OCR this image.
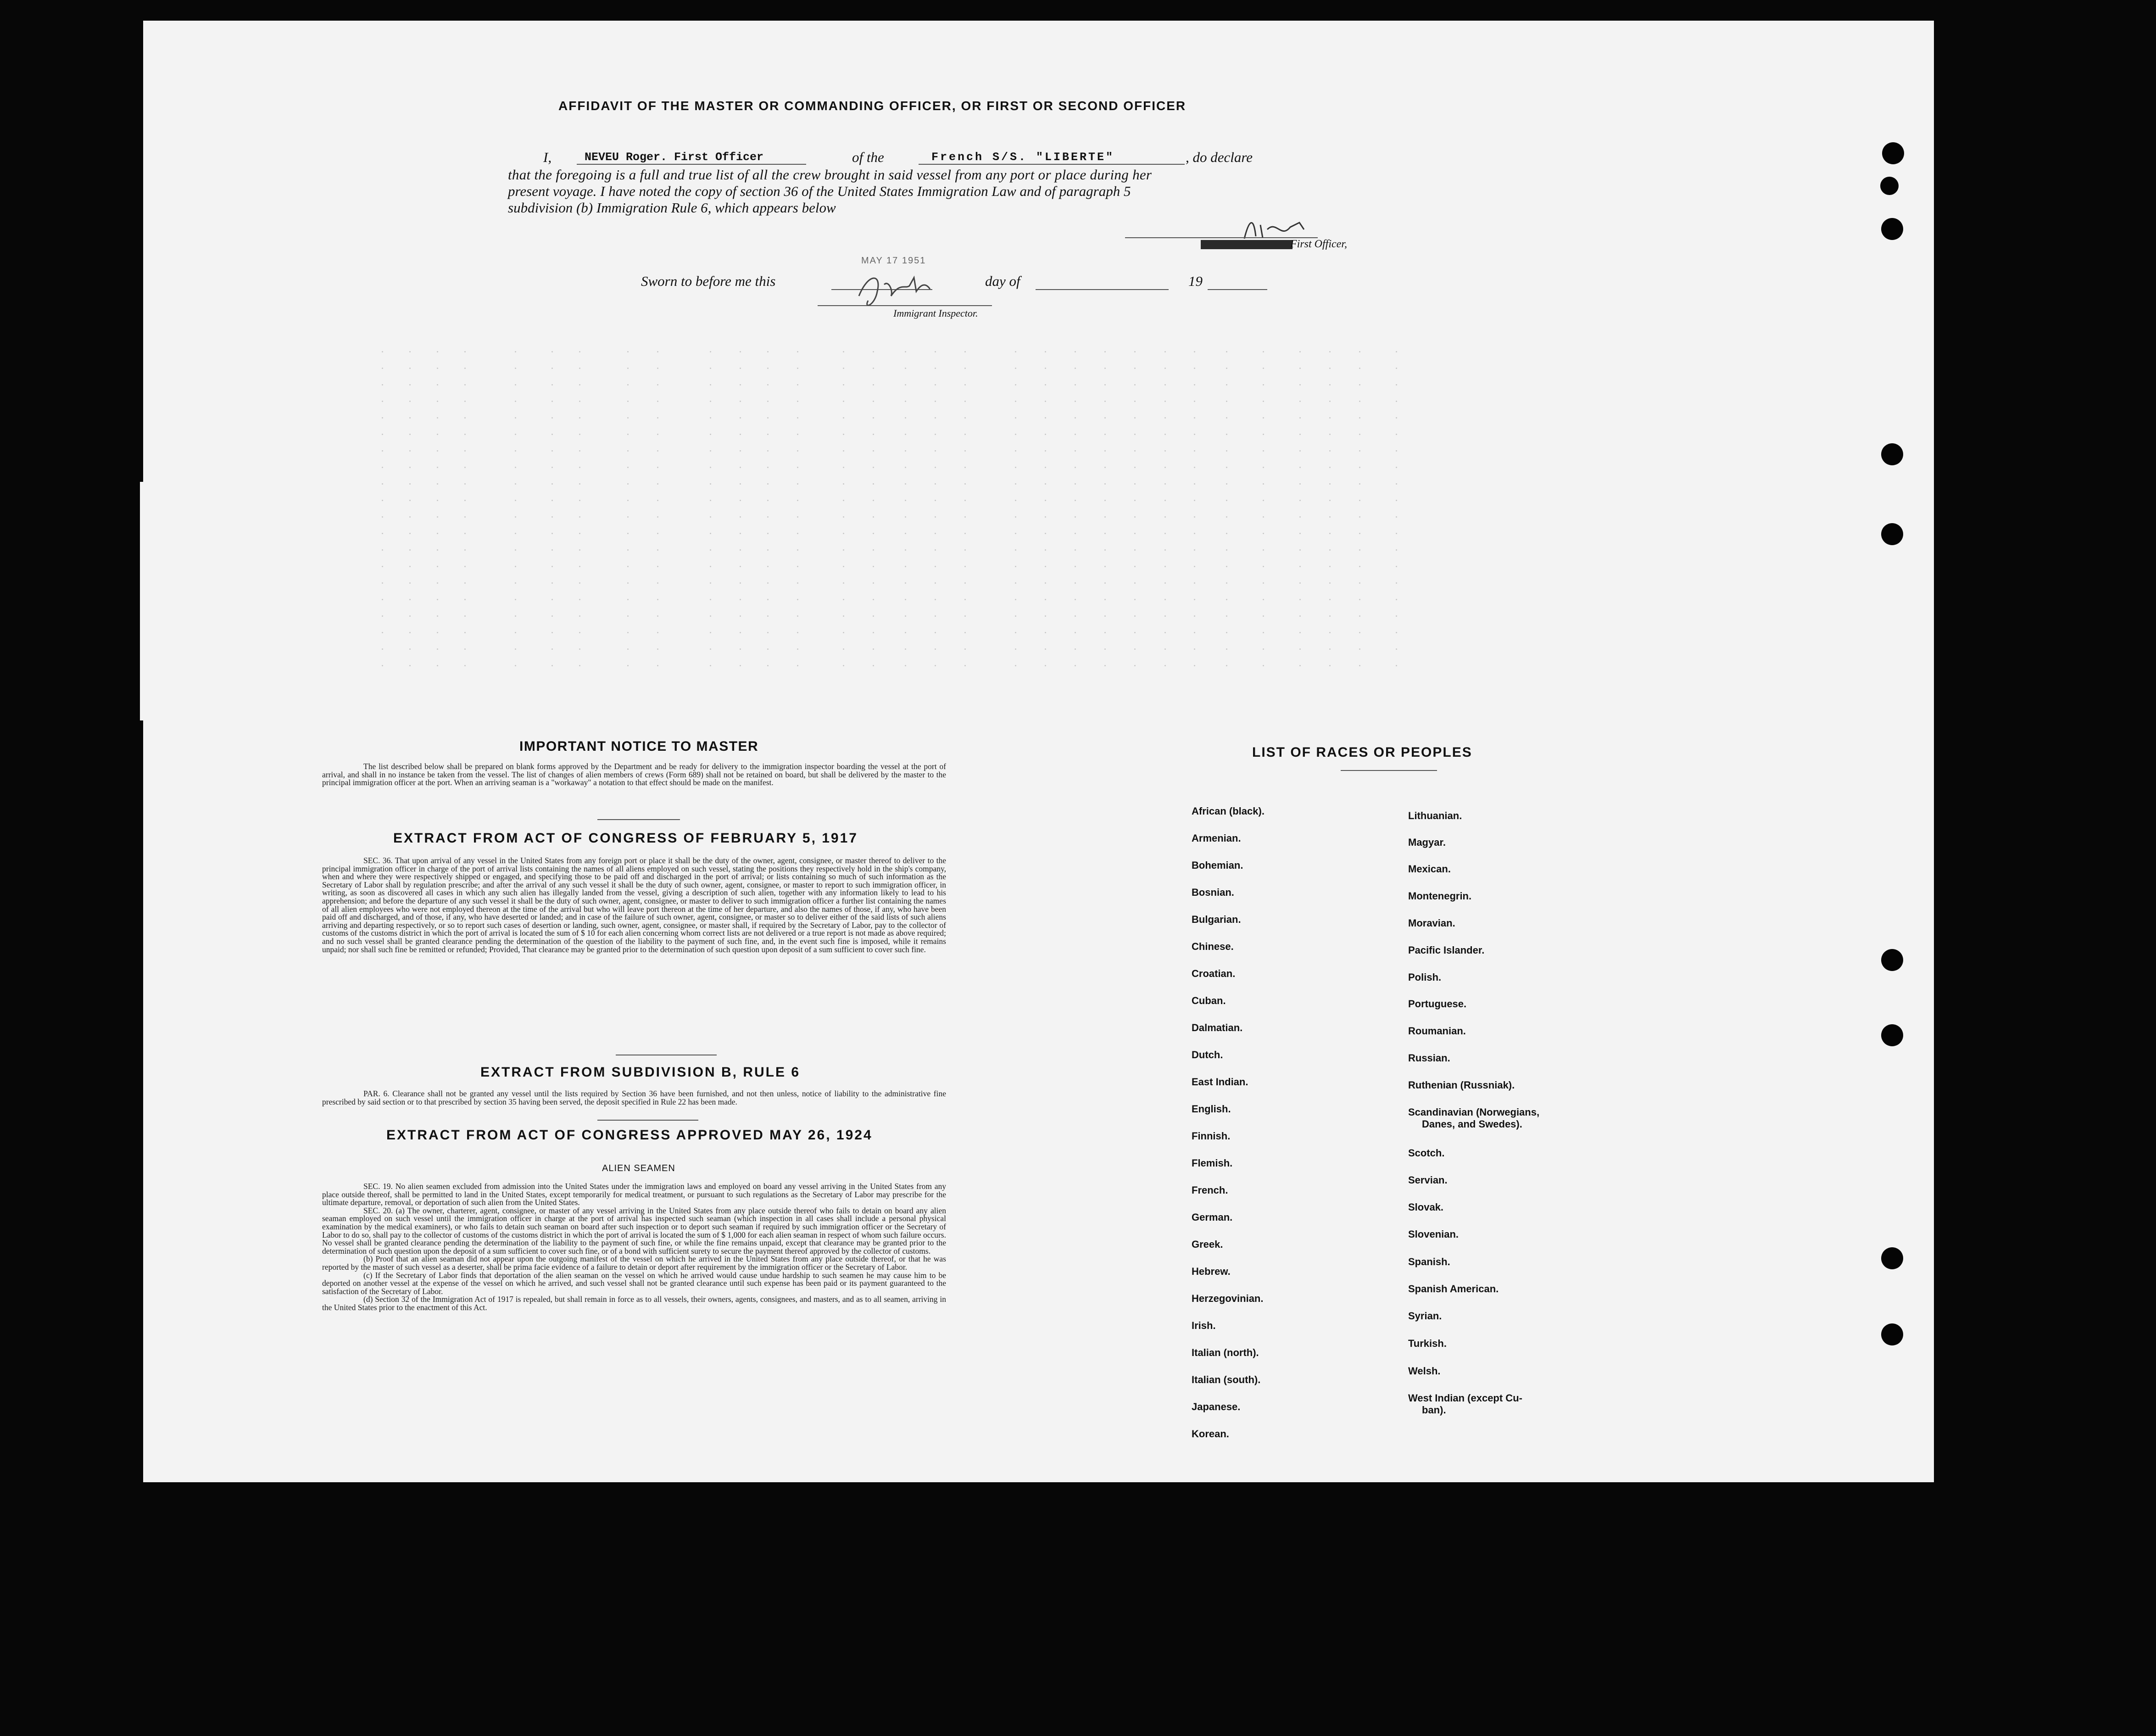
AFFIDAVIT OF THE MASTER OR COMMANDING OFFICER, OR FIRST OR SECOND OFFICER
I,	NEVEU Roger. First Officer	of the	French S/S. "LIBERTE"	, do declare
that the foregoing is a full and true list of all the crew brought in said vessel from any port or place during her
present voyage. I have noted the copy of section 36 of the United States Immigration Law and of paragraph 5
subdivision (b) Immigration Rule 6, which appears below
First Officer,
MAY 17 1951
Sworn to before me this	day of	19
Immigrant Inspector.
IMPORTANT NOTICE TO MASTER

The list described below shall be prepared on blank forms approved by the Department and be ready for delivery to the immigration inspector boarding the vessel at the port of arrival, and shall in no instance be taken from the vessel. The list of changes of alien members of crews (Form 689) shall not be retained on board, but shall be delivered by the master to the principal immigration officer at the port. When an arriving seaman is a "workaway" a notation to that effect should be made on the manifest.

EXTRACT FROM ACT OF CONGRESS OF FEBRUARY 5, 1917

SEC. 36. That upon arrival of any vessel in the United States from any foreign port or place it shall be the duty of the owner, agent, consignee, or master thereof to deliver to the principal immigration officer in charge of the port of arrival lists containing the names of all aliens employed on such vessel, stating the positions they respectively hold in the ship's company, when and where they were respectively shipped or engaged, and specifying those to be paid off and discharged in the port of arrival; or lists containing so much of such information as the Secretary of Labor shall by regulation prescribe; and after the arrival of any such vessel it shall be the duty of such owner, agent, consignee, or master to report to such immigration officer, in writing, as soon as discovered all cases in which any such alien has illegally landed from the vessel, giving a description of such alien, together with any information likely to lead to his apprehension; and before the departure of any such vessel it shall be the duty of such owner, agent, consignee, or master to deliver to such immigration officer a further list containing the names of all alien employees who were not employed thereon at the time of the arrival but who will leave port thereon at the time of her departure, and also the names of those, if any, who have been paid off and discharged, and of those, if any, who have deserted or landed; and in case of the failure of such owner, agent, consignee, or master so to deliver either of the said lists of such aliens arriving and departing respectively, or so to report such cases of desertion or landing, such owner, agent, consignee, or master shall, if required by the Secretary of Labor, pay to the collector of customs of the customs district in which the port of arrival is located the sum of $ 10 for each alien concerning whom correct lists are not delivered or a true report is not made as above required; and no such vessel shall be granted clearance pending the determination of the question of the liability to the payment of such fine, and, in the event such fine is imposed, while it remains unpaid; nor shall such fine be remitted or refunded; Provided, That clearance may be granted prior to the determination of such question upon deposit of a sum sufficient to cover such fine.

EXTRACT FROM SUBDIVISION B, RULE 6

PAR. 6. Clearance shall not be granted any vessel until the lists required by Section 36 have been furnished, and not then unless, notice of liability to the administrative fine prescribed by said section or to that prescribed by section 35 having been served, the deposit specified in Rule 22 has been made.

EXTRACT FROM ACT OF CONGRESS APPROVED MAY 26, 1924
ALIEN SEAMEN

SEC. 19. No alien seamen excluded from admission into the United States under the immigration laws and employed on board any vessel arriving in the United States from any place outside thereof, shall be permitted to land in the United States, except temporarily for medical treatment, or pursuant to such regulations as the Secretary of Labor may prescribe for the ultimate departure, removal, or deportation of such alien from the United States.

SEC. 20. (a) The owner, charterer, agent, consignee, or master of any vessel arriving in the United States from any place outside thereof who fails to detain on board any alien seaman employed on such vessel until the immigration officer in charge at the port of arrival has inspected such seaman (which inspection in all cases shall include a personal physical examination by the medical examiners), or who fails to detain such seaman on board after such inspection or to deport such seaman if required by such immigration officer or the Secretary of Labor to do so, shall pay to the collector of customs of the customs district in which the port of arrival is located the sum of $ 1,000 for each alien seaman in respect of whom such failure occurs. No vessel shall be granted clearance pending the determination of the liability to the payment of such fine, or while the fine remains unpaid, except that clearance may be granted prior to the determination of such question upon the deposit of a sum sufficient to cover such fine, or of a bond with sufficient surety to secure the payment thereof approved by the collector of customs.

(b) Proof that an alien seaman did not appear upon the outgoing manifest of the vessel on which he arrived in the United States from any place outside thereof, or that he was reported by the master of such vessel as a deserter, shall be prima facie evidence of a failure to detain or deport after requirement by the immigration officer or the Secretary of Labor.

(c) If the Secretary of Labor finds that deportation of the alien seaman on the vessel on which he arrived would cause undue hardship to such seamen he may cause him to be deported on another vessel at the expense of the vessel on which he arrived, and such vessel shall not be granted clearance until such expense has been paid or its payment guaranteed to the satisfaction of the Secretary of Labor.

(d) Section 32 of the Immigration Act of 1917 is repealed, but shall remain in force as to all vessels, their owners, agents, consignees, and masters, and as to all seamen, arriving in the United States prior to the enactment of this Act.

LIST OF RACES OR PEOPLES
African (black).
Armenian.
Bohemian.
Bosnian.
Bulgarian.
Chinese.
Croatian.
Cuban.
Dalmatian.
Dutch.
East Indian.
English.
Finnish.
Flemish.
French.
German.
Greek.
Hebrew.
Herzegovinian.
Irish.
Italian (north).
Italian (south).
Japanese.
Korean.
Lithuanian.
Magyar.
Mexican.
Montenegrin.
Moravian.
Pacific Islander.
Polish.
Portuguese.
Roumanian.
Russian.
Ruthenian (Russniak).
Scandinavian (Norwegians,
Danes, and Swedes).
Scotch.
Servian.
Slovak.
Slovenian.
Spanish.
Spanish American.
Syrian.
Turkish.
Welsh.
West Indian (except Cu-
ban).
